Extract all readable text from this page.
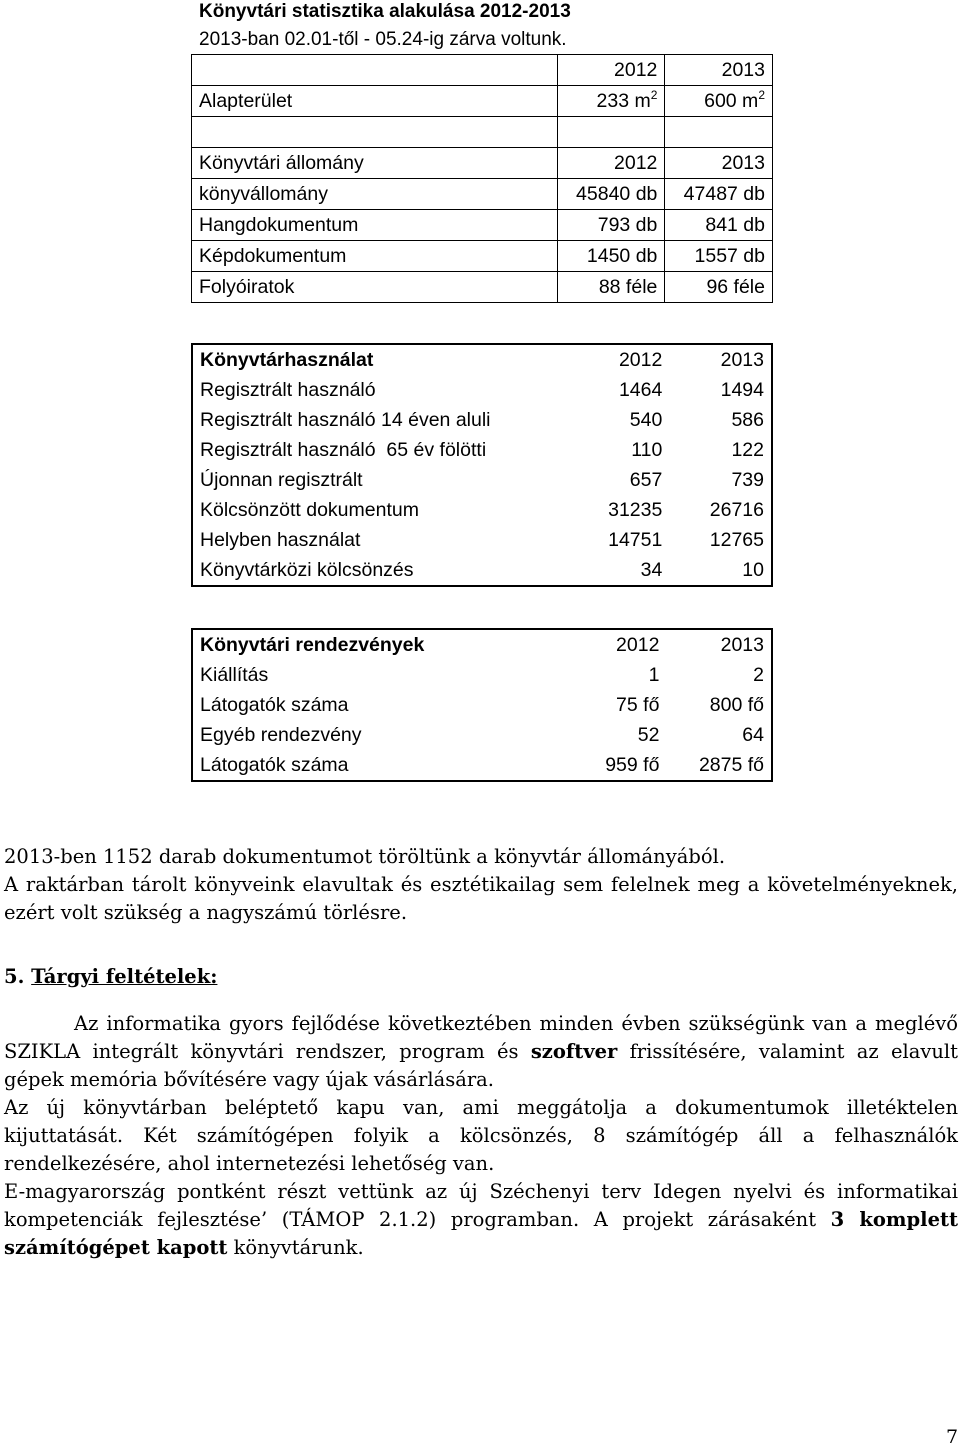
Könyvtári statisztika alakulása 2012-2013
2013-ban 02.01-től - 05.24-ig zárva voltunk.
	2012	2013
Alapterület	233 $m^2$	600 $m^2$

Könyvtári állomány	2012	2013
könyvállomány	45840 db	47487 db
Hangdokumentum	793 db	841 db
Képdokumentum	1450 db	1557 db
Folyóiratok	88 féle	96 féle
Könyvtárhasználat	2012	2013
Regisztrált használó	1464	1494
Regisztrált használó 14 éven aluli	540	586
Regisztrált használó  65 év fölötti	110	122
Újonnan regisztrált	657	739
Kölcsönzött dokumentum	31235	26716
Helyben használat	14751	12765
Könyvtárközi kölcsönzés	34	10
Könyvtári rendezvények	2012	2013
Kiállítás	1	2
Látogatók száma	75 fő	800 fő
Egyéb rendezvény	52	64
Látogatók száma	959 fő	2875 fő

2013-ben 1152 darab dokumentumot töröltünk a könyvtár állományából.

A raktárban tárolt könyveink elavultak és esztétikailag sem felelnek meg a követelményeknek, ezért volt szükség a nagyszámú törlésre.

5. Tárgyi feltételek:

Az informatika gyors fejlődése következtében minden évben szükségünk van a meglévő SZIKLA integrált könyvtári rendszer, program és szoftver frissítésére, valamint az elavult gépek memória bővítésére vagy újak vásárlására.

Az új könyvtárban beléptető kapu van, ami meggátolja a dokumentumok illetéktelen kijuttatását. Két számítógépen folyik a kölcsönzés, 8 számítógép áll a felhasználók rendelkezésére, ahol internetezési lehetőség van.

E-magyarország pontként részt vettünk az új Széchenyi terv Idegen nyelvi és informatikai kompetenciák fejlesztése’ (TÁMOP 2.1.2) programban. A projekt zárásaként 3 komplett számítógépet kapott könyvtárunk.

7
